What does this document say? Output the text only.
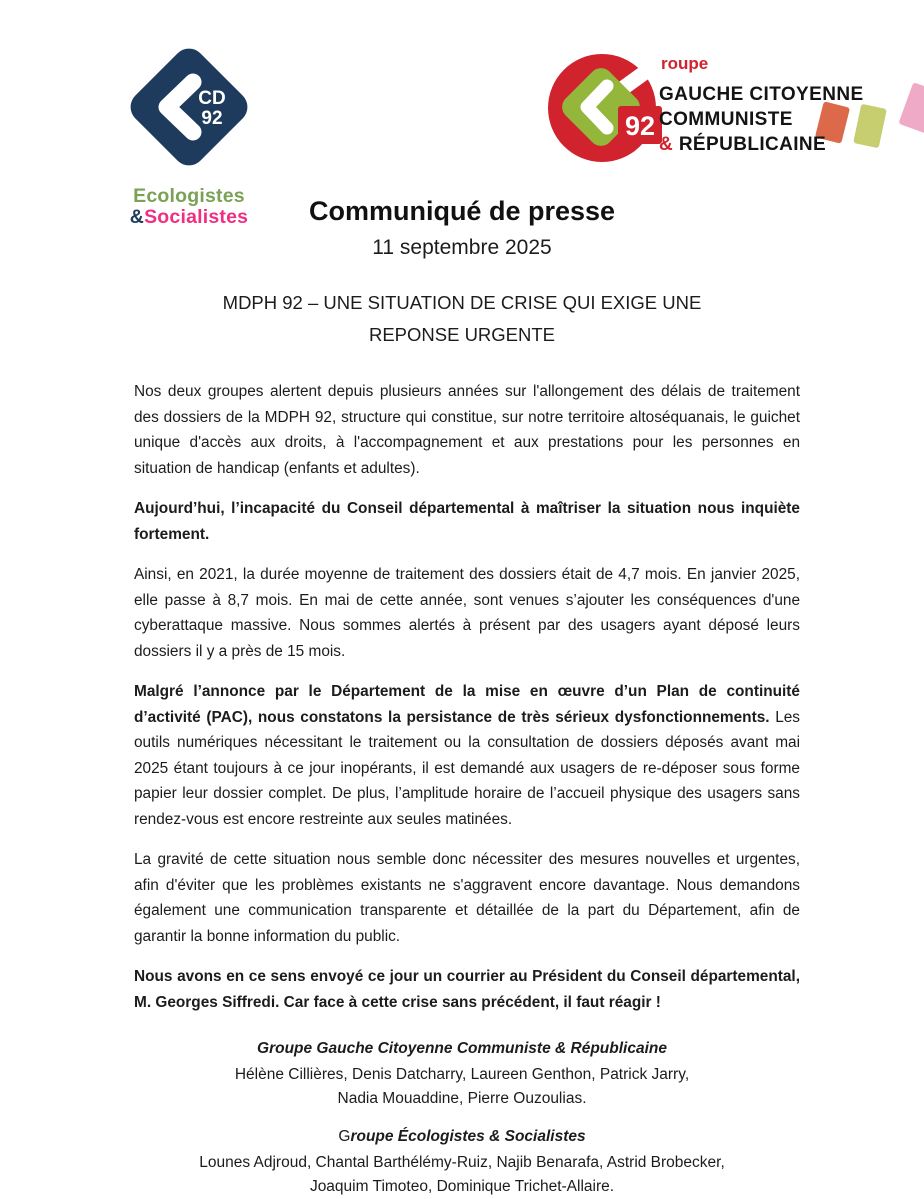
CD
92
Ecologistes
&Socialistes
92
roupe
GAUCHE CITOYENNE
COMMUNISTE
& RÉPUBLICAINE
Communiqué de presse
11 septembre 2025
MDPH 92 – UNE SITUATION DE CRISE QUI EXIGE UNE
REPONSE URGENTE

Nos deux groupes alertent depuis plusieurs années sur l'allongement des délais de traitement des dossiers de la MDPH 92, structure qui constitue, sur notre territoire altoséquanais, le guichet unique d'accès aux droits, à l'accompagnement et aux prestations pour les personnes en situation de handicap (enfants et adultes).

Aujourd’hui, l’incapacité du Conseil départemental à maîtriser la situation nous inquiète fortement.

Ainsi, en 2021, la durée moyenne de traitement des dossiers était de 4,7 mois. En janvier 2025, elle passe à 8,7 mois. En mai de cette année, sont venues s’ajouter les conséquences d'une cyberattaque massive. Nous sommes alertés à présent par des usagers ayant déposé leurs dossiers il y a près de 15 mois.

Malgré l’annonce par le Département de la mise en œuvre d’un Plan de continuité d’activité (PAC), nous constatons la persistance de très sérieux dysfonctionnements. Les outils numériques nécessitant le traitement ou la consultation de dossiers déposés avant mai 2025 étant toujours à ce jour inopérants, il est demandé aux usagers de re-déposer sous forme papier leur dossier complet. De plus, l’amplitude horaire de l’accueil physique des usagers sans rendez-vous est encore restreinte aux seules matinées.

La gravité de cette situation nous semble donc nécessiter des mesures nouvelles et urgentes, afin d'éviter que les problèmes existants ne s'aggravent encore davantage. Nous demandons également une communication transparente et détaillée de la part du Département, afin de garantir la bonne information du public.

Nous avons en ce sens envoyé ce jour un courrier au Président du Conseil départemental, M. Georges Siffredi. Car face à cette crise sans précédent, il faut réagir !

Groupe Gauche Citoyenne Communiste & Républicaine
Hélène Cillières, Denis Datcharry, Laureen Genthon, Patrick Jarry,
Nadia Mouaddine, Pierre Ouzoulias.
Groupe Écologistes & Socialistes
Lounes Adjroud, Chantal Barthélémy-Ruiz, Najib Benarafa, Astrid Brobecker,
Joaquim Timoteo, Dominique Trichet-Allaire.
